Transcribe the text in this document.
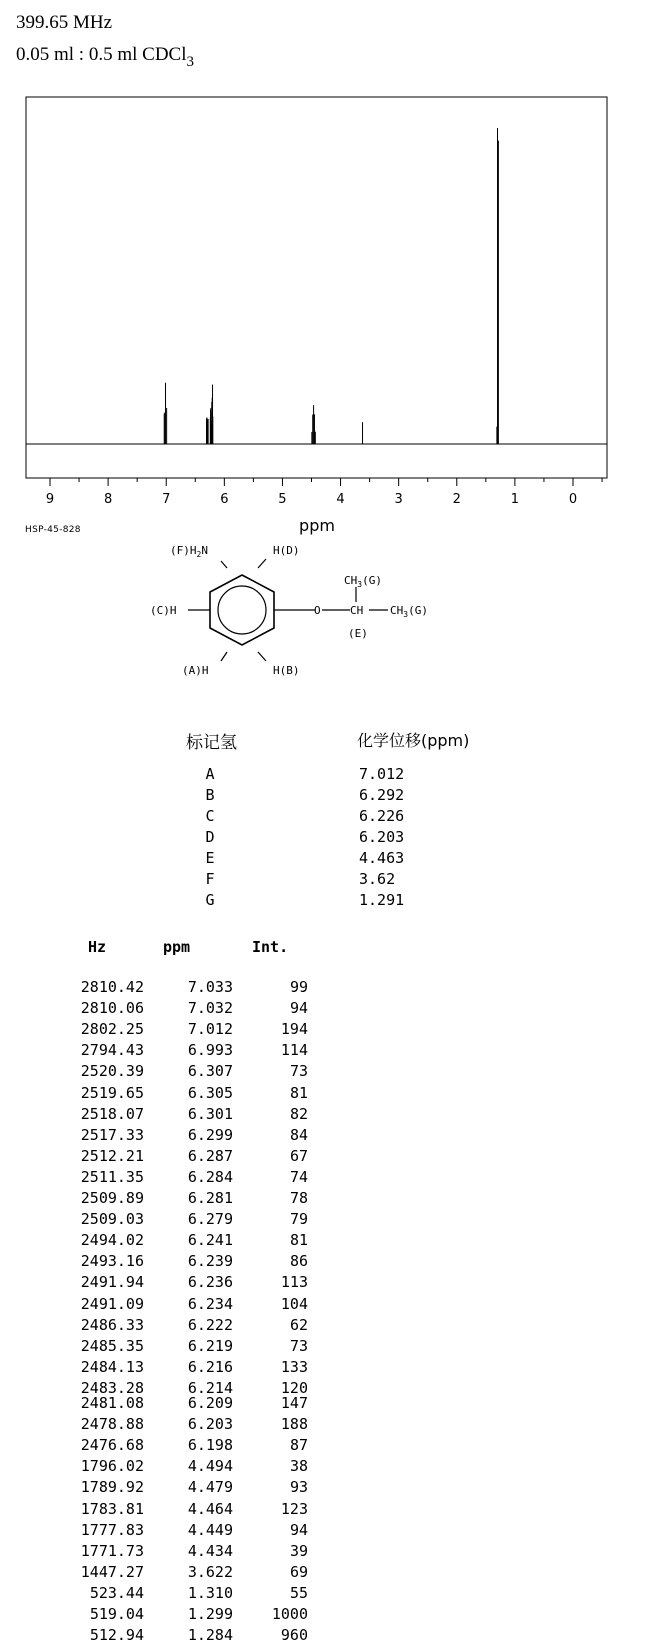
399.65 MHz
0.05 ml : 0.5 ml CDCl$_3$
9	8	7	6	5	4	3	2	1	0
ppm
HSP-45-828
$(F)H_2N$	H(D)
(C)H
(A)H	H(B)
O	CH
$CH_3(G)$
$CH_3(G)$
(E)
标记氢	化学位移(ppm)
A	7.012
B	6.292
C	6.226
D	6.203
E	4.463
F	3.62
G	1.291
Hz	ppm	Int.
2810.42	7.033	99
2810.06	7.032	94
2802.25	7.012	194
2794.43	6.993	114
2520.39	6.307	73
2519.65	6.305	81
2518.07	6.301	82
2517.33	6.299	84
2512.21	6.287	67
2511.35	6.284	74
2509.89	6.281	78
2509.03	6.279	79
2494.02	6.241	81
2493.16	6.239	86
2491.94	6.236	113
2491.09	6.234	104
2486.33	6.222	62
2485.35	6.219	73
2484.13	6.216	133
2483.28	6.214	120
2481.08	6.209	147
2478.88	6.203	188
2476.68	6.198	87
1796.02	4.494	38
1789.92	4.479	93
1783.81	4.464	123
1777.83	4.449	94
1771.73	4.434	39
1447.27	3.622	69
523.44	1.310	55
519.04	1.299	1000
512.94	1.284	960
